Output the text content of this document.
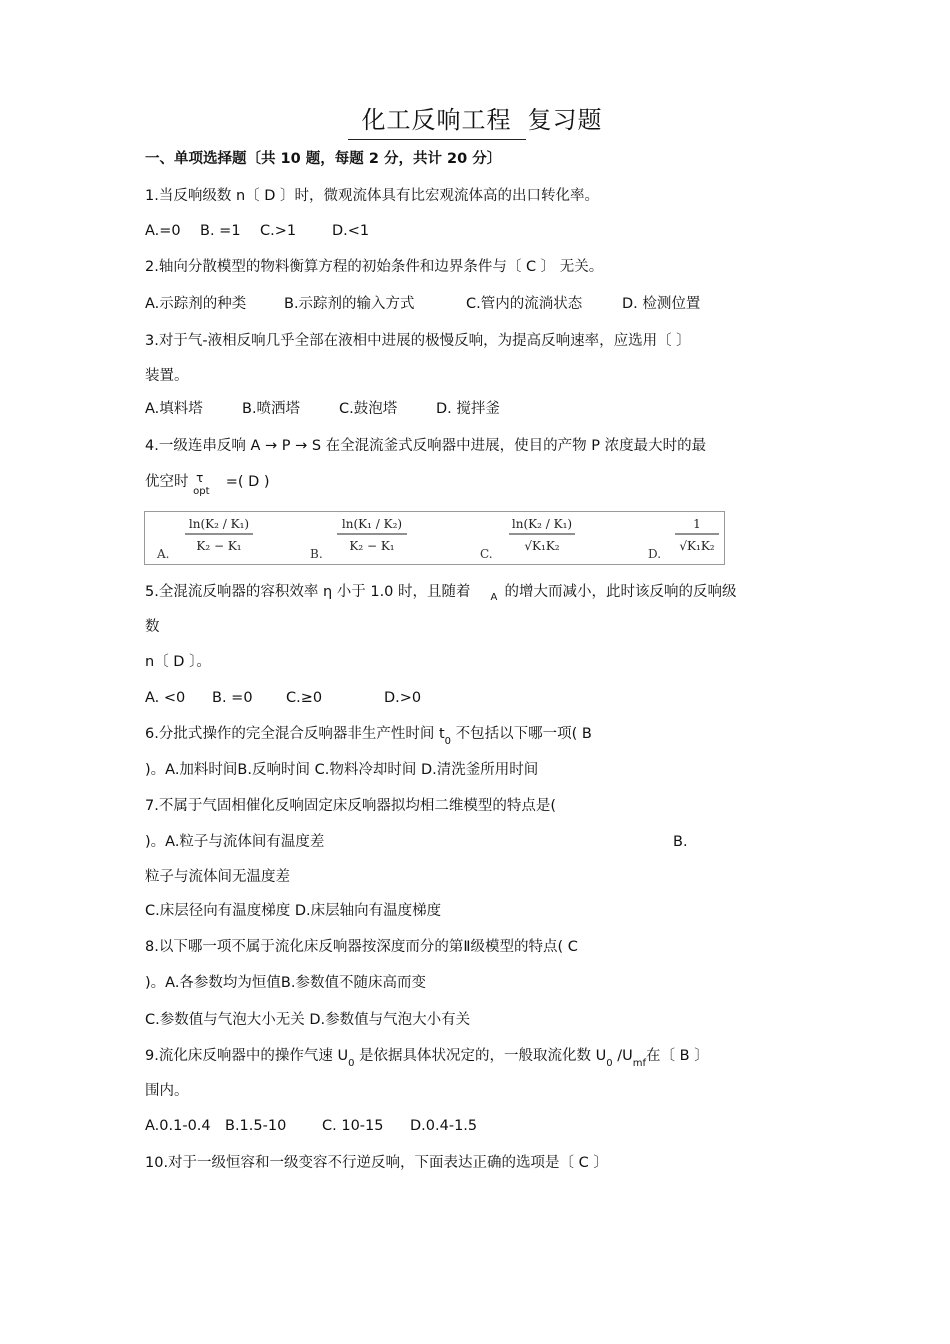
化工反响工程 复习题
一、单项选择题〔共 10 题，每题 2 分，共计 20 分〕
1.当反响级数 n〔 D 〕时，微观流体具有比宏观流体高的出口转化率。
A.=0 B. =1 C.>1 D.<1
2.轴向分散模型的物料衡算方程的初始条件和边界条件与〔 C 〕 无关。
A.示踪剂的种类	B.示踪剂的输入方式	C.管内的流淌状态	D. 检测位置
3.对于气-液相反响几乎全部在液相中进展的极慢反响，为提高反响速率，应选用〔 〕
装置。
A.填料塔	B.喷洒塔	C.鼓泡塔	D. 搅拌釜
4.一级连串反响 A → P → S 在全混流釜式反响器中进展，使目的产物 P 浓度最大时的最
优空时 τ
opt
=( D )
A.
ln(K₂ / K₁)
K₂ − K₁
B.
ln(K₁ / K₂)
K₂ − K₁
C.
ln(K₂ / K₁)
√K₁K₂
D.
1
√K₁K₂
5.全混流反响器的容积效率 η 小于 1.0 时，且随着 A 的增大而减小，此时该反响的反响级
数
n〔 D 〕。
A. <0 B. =0 C.≥0	D.>0
6.分批式操作的完全混合反响器非生产性时间 $t_0$ 不包括以下哪一项( B
)。A.加料时间B.反响时间 C.物料冷却时间 D.清洗釜所用时间
7.不属于气固相催化反响固定床反响器拟均相二维模型的特点是(
)。A.粒子与流体间有温度差	B.
粒子与流体间无温度差
C.床层径向有温度梯度 D.床层轴向有温度梯度
8.以下哪一项不属于流化床反响器按深度而分的第Ⅱ级模型的特点( C
)。A.各参数均为恒值B.参数值不随床高而变
C.参数值与气泡大小无关 D.参数值与气泡大小有关
9.流化床反响器中的操作气速 $U_0$ 是依据具体状况定的，一般取流化数 $U_0$ $/U_{mf}$在〔 B 〕
围内。
A.0.1-0.4 B.1.5-10 C. 10-15 D.0.4-1.5
10.对于一级恒容和一级变容不行逆反响，下面表达正确的选项是〔 C 〕
